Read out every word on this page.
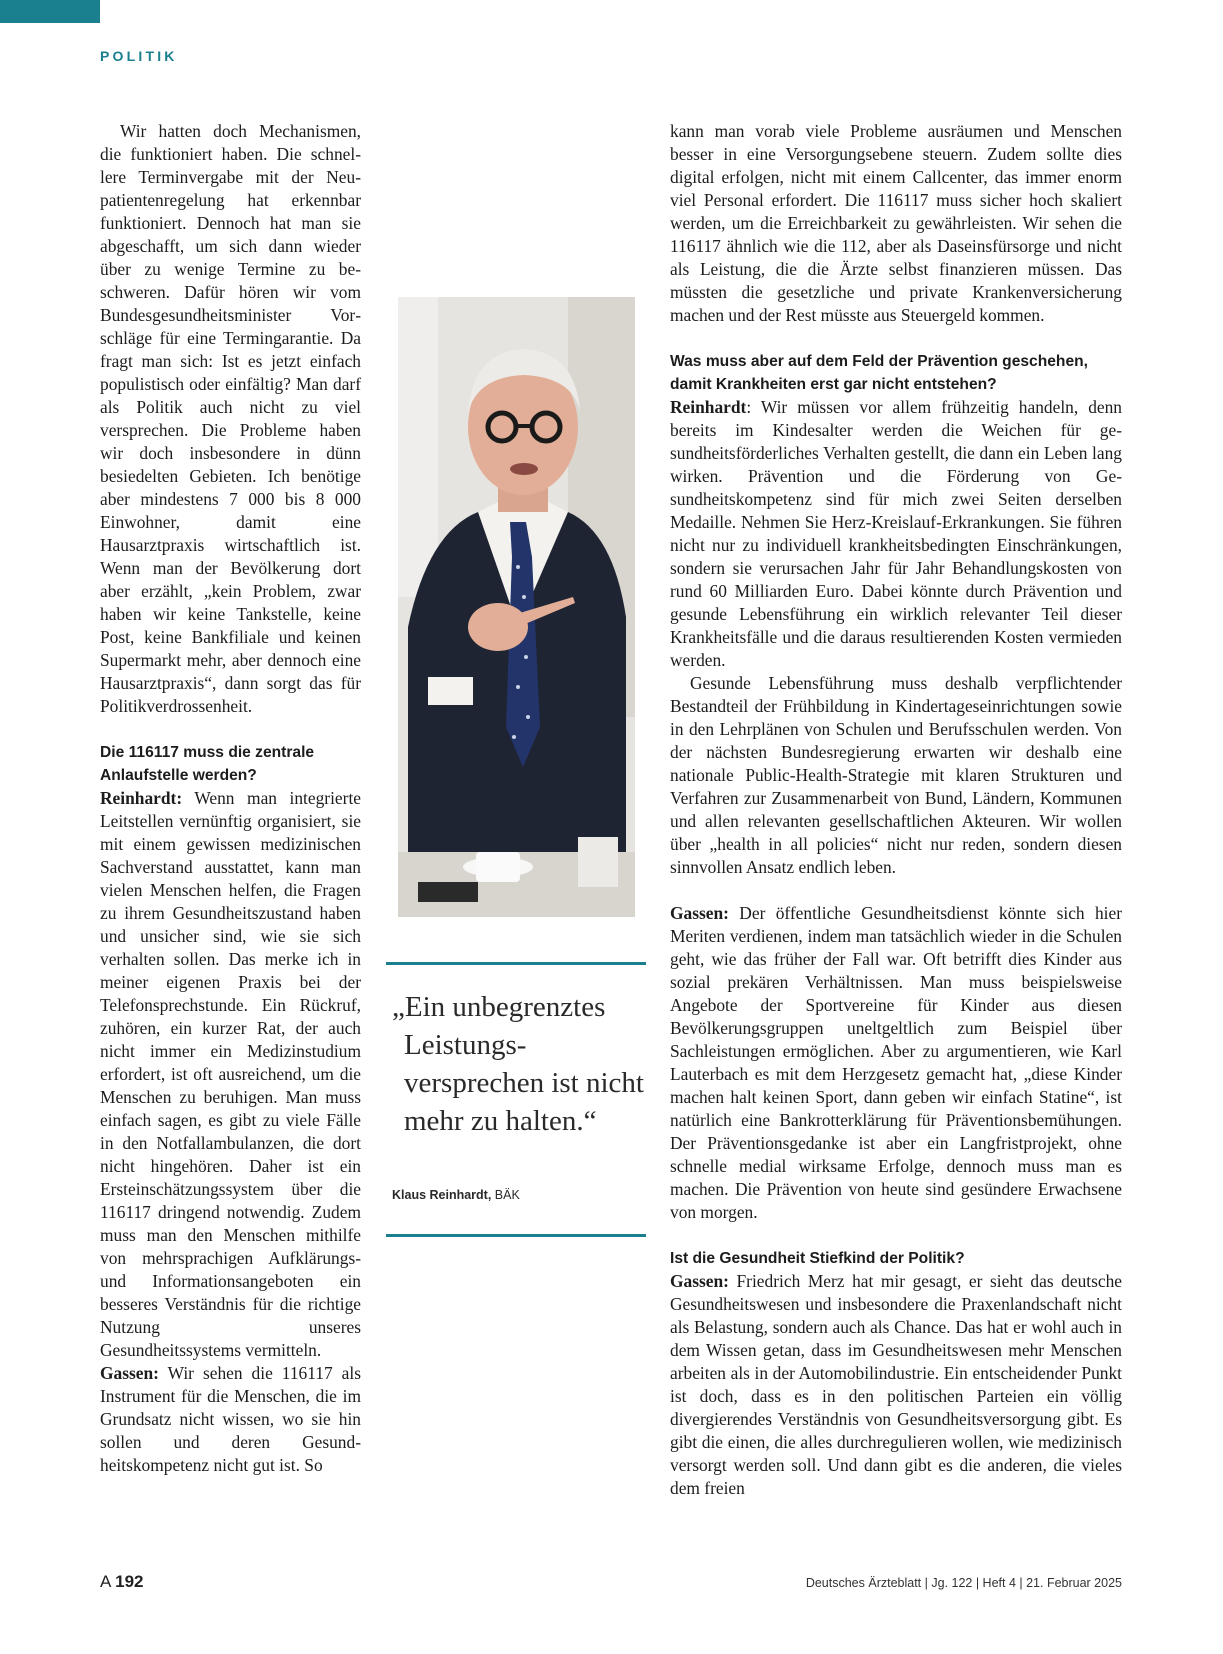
POLITIK

Wir hatten doch Mechanismen, die funktioniert haben. Die schnellere Terminvergabe mit der Neupatientenregelung hat erkennbar funktioniert. Dennoch hat man sie abgeschafft, um sich dann wieder über zu wenige Termine zu beschweren. Dafür hören wir vom Bundesgesundheitsminister Vorschläge für eine Termingarantie. Da fragt man sich: Ist es jetzt einfach populistisch oder einfältig? Man darf als Politik auch nicht zu viel versprechen. Die Probleme haben wir doch insbesondere in dünn besiedelten Gebieten. Ich benötige aber mindestens 7 000 bis 8 000 Einwohner, damit eine Hausarztpraxis wirtschaftlich ist. Wenn man der Bevölkerung dort aber erzählt, „kein Problem, zwar haben wir keine Tankstelle, keine Post, keine Bankfiliale und keinen Supermarkt mehr, aber dennoch eine Hausarztpraxis“, dann sorgt das für Politikverdrossenheit.

Die 116117 muss die zentrale Anlaufstelle werden?

Reinhardt: Wenn man integrierte Leitstellen vernünftig organisiert, sie mit einem gewissen medizinischen Sachverstand ausstattet, kann man vielen Menschen helfen, die Fragen zu ihrem Gesundheitszustand haben und unsicher sind, wie sie sich verhalten sollen. Das merke ich in meiner eigenen Praxis bei der Telefonsprechstunde. Ein Rückruf, zuhören, ein kurzer Rat, der auch nicht immer ein Medizinstudium erfordert, ist oft ausreichend, um die Menschen zu beruhigen. Man muss einfach sagen, es gibt zu viele Fälle in den Notfallambulanzen, die dort nicht hingehören. Daher ist ein Ersteinschätzungssystem über die 116117 dringend notwendig. Zudem muss man den Menschen mithilfe von mehrsprachigen Aufklärungs- und Informationsangeboten ein besseres Verständnis für die richtige Nutzung unseres Gesundheitssystems vermitteln.

Gassen: Wir sehen die 116117 als Instrument für die Menschen, die im Grundsatz nicht wissen, wo sie hin sollen und deren Gesundheitskompetenz nicht gut ist. So

„Ein unbegrenztes Leistungsversprechen ist nicht mehr zu halten.“
Klaus Reinhardt, BÄK

kann man vorab viele Probleme ausräumen und Menschen besser in eine Versorgungsebene steuern. Zudem sollte dies digital erfolgen, nicht mit einem Callcenter, das immer enorm viel Personal erfordert. Die 116117 muss sicher hoch skaliert werden, um die Erreichbarkeit zu gewährleisten. Wir sehen die 116117 ähnlich wie die 112, aber als Daseinsfürsorge und nicht als Leistung, die die Ärzte selbst finanzieren müssen. Das müssten die gesetzliche und private Krankenversicherung machen und der Rest müsste aus Steuergeld kommen.

Was muss aber auf dem Feld der Prävention geschehen, damit Krankheiten erst gar nicht entstehen?

Reinhardt: Wir müssen vor allem frühzeitig handeln, denn bereits im Kindesalter werden die Weichen für gesundheitsförderliches Verhalten gestellt, die dann ein Leben lang wirken. Prävention und die Förderung von Gesundheitskompetenz sind für mich zwei Seiten derselben Medaille. Nehmen Sie Herz-Kreislauf-Erkrankungen. Sie führen nicht nur zu individuell krankheitsbedingten Einschränkungen, sondern sie verursachen Jahr für Jahr Behandlungskosten von rund 60 Milliarden Euro. Dabei könnte durch Prävention und gesunde Lebensführung ein wirklich relevanter Teil dieser Krankheitsfälle und die daraus resultierenden Kosten vermieden werden.

Gesunde Lebensführung muss deshalb verpflichtender Bestandteil der Frühbildung in Kindertageseinrichtungen sowie in den Lehrplänen von Schulen und Berufsschulen werden. Von der nächsten Bundesregierung erwarten wir deshalb eine nationale Public-Health-Strategie mit klaren Strukturen und Verfahren zur Zusammenarbeit von Bund, Ländern, Kommunen und allen relevanten gesellschaftlichen Akteuren. Wir wollen über „health in all policies“ nicht nur reden, sondern diesen sinnvollen Ansatz endlich leben.

Gassen: Der öffentliche Gesundheitsdienst könnte sich hier Meriten verdienen, indem man tatsächlich wieder in die Schulen geht, wie das früher der Fall war. Oft betrifft dies Kinder aus sozial prekären Verhältnissen. Man muss beispielsweise Angebote der Sportvereine für Kinder aus diesen Bevölkerungsgruppen uneltgeltlich zum Beispiel über Sachleistungen ermöglichen. Aber zu argumentieren, wie Karl Lauterbach es mit dem Herzgesetz gemacht hat, „diese Kinder machen halt keinen Sport, dann geben wir einfach Statine“, ist natürlich eine Bankrotterklärung für Präventionsbemühungen. Der Präventionsgedanke ist aber ein Langfristprojekt, ohne schnelle medial wirksame Erfolge, dennoch muss man es machen. Die Prävention von heute sind gesündere Erwachsene von morgen.

Ist die Gesundheit Stiefkind der Politik?

Gassen: Friedrich Merz hat mir gesagt, er sieht das deutsche Gesundheitswesen und insbesondere die Praxenlandschaft nicht als Belastung, sondern auch als Chance. Das hat er wohl auch in dem Wissen getan, dass im Gesundheitswesen mehr Menschen arbeiten als in der Automobilindustrie. Ein entscheidender Punkt ist doch, dass es in den politischen Parteien ein völlig divergierendes Verständnis von Gesundheitsversorgung gibt. Es gibt die einen, die alles durchregulieren wollen, wie medizinisch versorgt werden soll. Und dann gibt es die anderen, die vieles dem freien

A 192	Deutsches Ärzteblatt | Jg. 122 | Heft 4 | 21. Februar 2025
